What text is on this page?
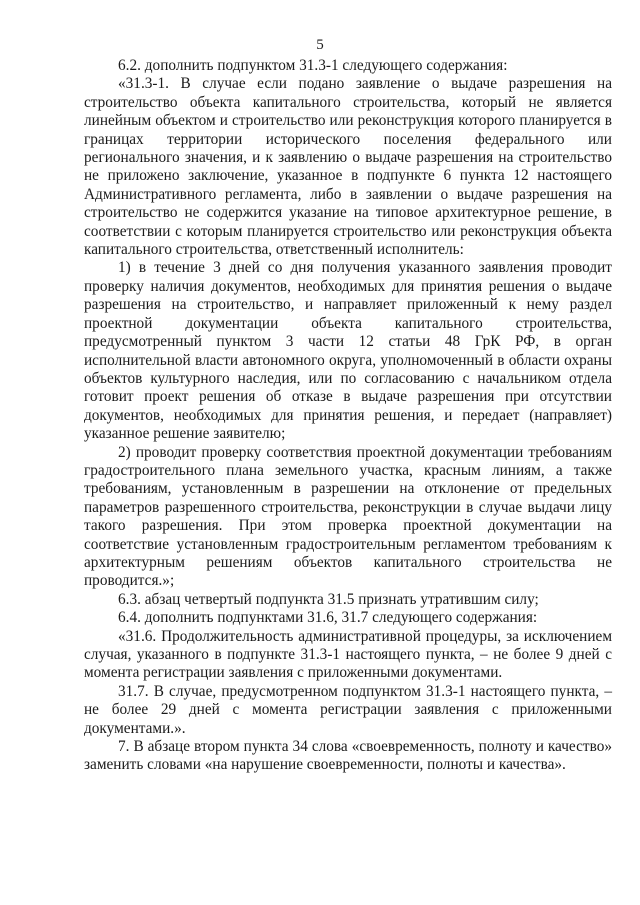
5

6.2. дополнить подпунктом 31.3-1 следующего содержания:

«31.3-1. В случае если подано заявление о выдаче разрешения на строительство объекта капитального строительства, который не является линейным объектом и строительство или реконструкция которого планируется в границах территории исторического поселения федерального или регионального значения, и к заявлению о выдаче разрешения на строительство не приложено заключение, указанное в подпункте 6 пункта 12 настоящего Административного регламента, либо в заявлении о выдаче разрешения на строительство не содержится указание на типовое архитектурное решение, в соответствии с которым планируется строительство или реконструкция объекта капитального строительства, ответственный исполнитель:

1) в течение 3 дней со дня получения указанного заявления проводит проверку наличия документов, необходимых для принятия решения о выдаче разрешения на строительство, и направляет приложенный к нему раздел проектной документации объекта капитального строительства, предусмотренный пунктом 3 части 12 статьи 48 ГрК РФ, в орган исполнительной власти автономного округа, уполномоченный в области охраны объектов культурного наследия, или по согласованию с начальником отдела готовит проект решения об отказе в выдаче разрешения при отсутствии документов, необходимых для принятия решения, и передает (направляет) указанное решение заявителю;

2) проводит проверку соответствия проектной документации требованиям градостроительного плана земельного участка, красным линиям, а также требованиям, установленным в разрешении на отклонение от предельных параметров разрешенного строительства, реконструкции в случае выдачи лицу такого разрешения. При этом проверка проектной документации на соответствие установленным градостроительным регламентом требованиям к архитектурным решениям объектов капитального строительства не проводится.»;

6.3. абзац четвертый подпункта 31.5 признать утратившим силу;

6.4. дополнить подпунктами 31.6, 31.7 следующего содержания:

«31.6. Продолжительность административной процедуры, за исключением случая, указанного в подпункте 31.3-1 настоящего пункта, – не более 9 дней с момента регистрации заявления с приложенными документами.

31.7. В случае, предусмотренном подпунктом 31.3-1 настоящего пункта, – не более 29 дней с момента регистрации заявления с приложенными документами.».

7. В абзаце втором пункта 34 слова «своевременность, полноту и качество» заменить словами «на нарушение своевременности, полноты и качества».
